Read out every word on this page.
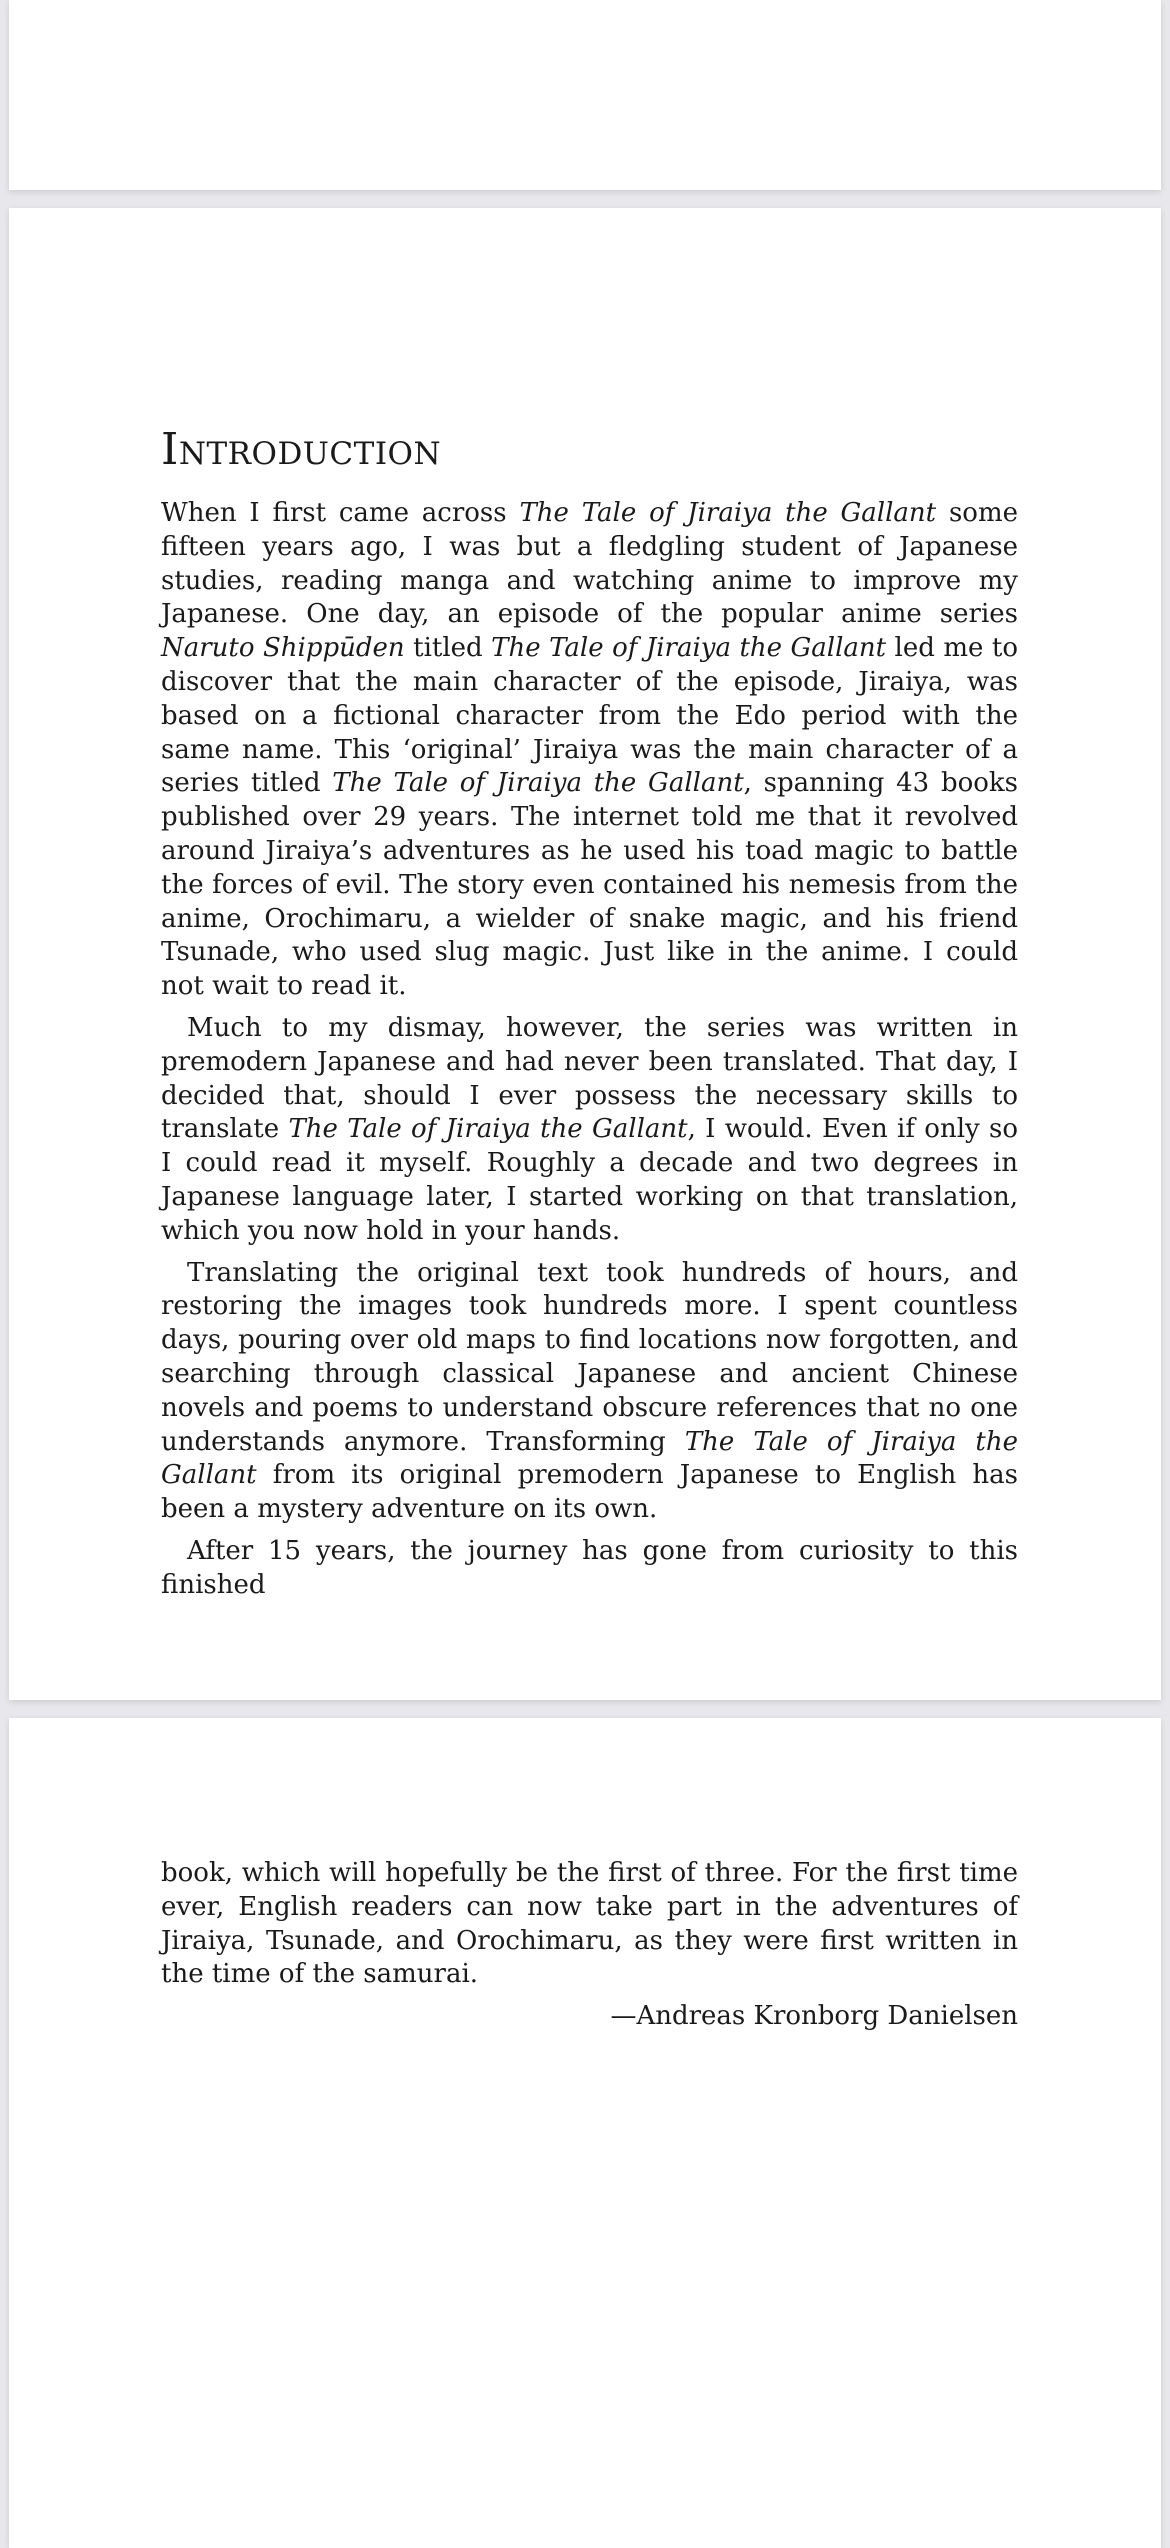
Introduction

When I first came across The Tale of Jiraiya the Gallant some fifteen years ago, I was but a fledgling student of Japanese studies, reading manga and watching anime to improve my Japanese. One day, an episode of the popular anime series Naruto Shippūden titled The Tale of Jiraiya the Gallant led me to discover that the main character of the episode, Jiraiya, was based on a fictional character from the Edo period with the same name. This ‘original’ Jiraiya was the main character of a series titled The Tale of Jiraiya the Gallant, spanning 43 books published over 29 years. The internet told me that it revolved around Jiraiya’s adventures as he used his toad magic to battle the forces of evil. The story even contained his nemesis from the anime, Orochimaru, a wielder of snake magic, and his friend Tsunade, who used slug magic. Just like in the anime. I could not wait to read it.

Much to my dismay, however, the series was written in premodern Japanese and had never been translated. That day, I decided that, should I ever possess the necessary skills to translate The Tale of Jiraiya the Gallant, I would. Even if only so I could read it myself. Roughly a decade and two degrees in Japanese language later, I started working on that translation, which you now hold in your hands.

Translating the original text took hundreds of hours, and restoring the images took hundreds more. I spent countless days, pouring over old maps to find locations now forgotten, and searching through classical Japanese and ancient Chinese novels and poems to understand obscure references that no one understands anymore. Transforming The Tale of Jiraiya the Gallant from its original premodern Japanese to English has been a mystery adventure on its own.

After 15 years, the journey has gone from curiosity to this finished

book, which will hopefully be the first of three. For the first time ever, English readers can now take part in the adventures of Jiraiya, Tsunade, and Orochimaru, as they were first written in the time of the samurai.

—Andreas Kronborg Danielsen
